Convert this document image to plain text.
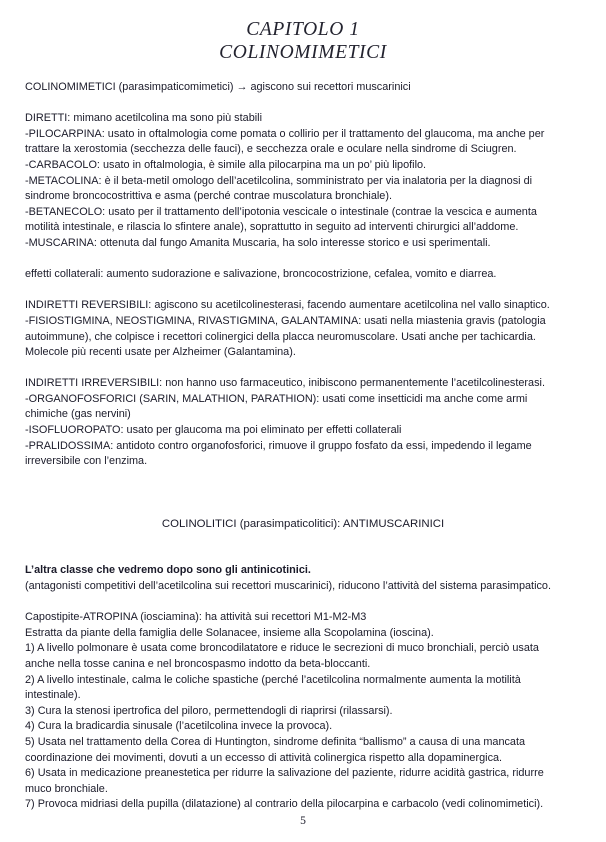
CAPITOLO 1
COLINOMIMETICI

COLINOMIMETICI (parasimpaticomimetici) → agiscono sui recettori muscarinici

DIRETTI: mimano acetilcolina ma sono più stabili

-PILOCARPINA: usato in oftalmologia come pomata o collirio per il trattamento del glaucoma, ma anche per trattare la xerostomia (secchezza delle fauci), e secchezza orale e oculare nella sindrome di Sciugren.

-CARBACOLO: usato in oftalmologia, è simile alla pilocarpina ma un po’ più lipofilo.

-METACOLINA: è il beta-metil omologo dell’acetilcolina, somministrato per via inalatoria per la diagnosi di sindrome broncocostrittiva e asma (perché contrae muscolatura bronchiale).

-BETANECOLO: usato per il trattamento dell’ipotonia vescicale o intestinale (contrae la vescica e aumenta motilità intestinale, e rilascia lo sfintere anale), soprattutto in seguito ad interventi chirurgici all’addome.

-MUSCARINA: ottenuta dal fungo Amanita Muscaria, ha solo interesse storico e usi sperimentali.

effetti collaterali: aumento sudorazione e salivazione, broncocostrizione, cefalea, vomito e diarrea.

INDIRETTI REVERSIBILI: agiscono su acetilcolinesterasi, facendo aumentare acetilcolina nel vallo sinaptico.

-FISIOSTIGMINA, NEOSTIGMINA, RIVASTIGMINA, GALANTAMINA: usati nella miastenia gravis (patologia autoimmune), che colpisce i recettori colinergici della placca neuromuscolare. Usati anche per tachicardia. Molecole più recenti usate per Alzheimer (Galantamina).

INDIRETTI IRREVERSIBILI: non hanno uso farmaceutico, inibiscono permanentemente l’acetilcolinesterasi.

-ORGANOFOSFORICI (SARIN, MALATHION, PARATHION): usati come insetticidi ma anche come armi chimiche (gas nervini)

-ISOFLUOROPATO: usato per glaucoma ma poi eliminato per effetti collaterali

-PRALIDOSSIMA: antidoto contro organofosforici, rimuove il gruppo fosfato da essi, impedendo il legame irreversibile con l’enzima.

COLINOLITICI (parasimpaticolitici): ANTIMUSCARINICI

L’altra classe che vedremo dopo sono gli antinicotinici.

(antagonisti competitivi dell’acetilcolina sui recettori muscarinici), riducono l’attività del sistema parasimpatico.

Capostipite-ATROPINA (iosciamina): ha attività sui recettori M1-M2-M3

Estratta da piante della famiglia delle Solanacee, insieme alla Scopolamina (ioscina).

1) A livello polmonare è usata come broncodilatatore e riduce le secrezioni di muco bronchiali, perciò usata anche nella tosse canina e nel broncospasmo indotto da beta-bloccanti.

2) A livello intestinale, calma le coliche spastiche (perché l’acetilcolina normalmente aumenta la motilità intestinale).

3) Cura la stenosi ipertrofica del piloro, permettendogli di riaprirsi (rilassarsi).

4) Cura la bradicardia sinusale (l’acetilcolina invece la provoca).

5) Usata nel trattamento della Corea di Huntington, sindrome definita “ballismo” a causa di una mancata coordinazione dei movimenti, dovuti a un eccesso di attività colinergica rispetto alla dopaminergica.

6) Usata in medicazione preanestetica per ridurre la salivazione del paziente, ridurre acidità gastrica, ridurre muco bronchiale.

7) Provoca midriasi della pupilla (dilatazione) al contrario della pilocarpina e carbacolo (vedi colinomimetici).

5
